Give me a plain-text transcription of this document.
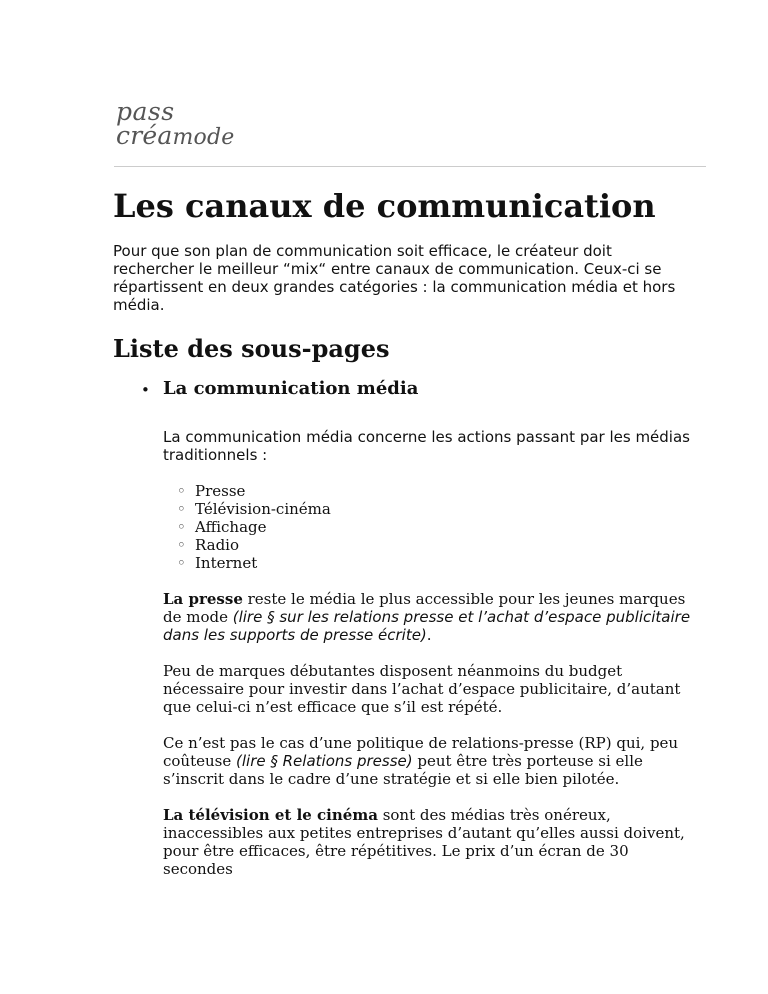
pass
créamode
Les canaux de communication

Pour que son plan de communication soit efficace, le créateur doit rechercher le meilleur “mix“ entre canaux de communication. Ceux-ci se répartissent en deux grandes catégories : la communication média et hors média.

Liste des sous-pages
• La communication média

La communication média concerne les actions passant par les médias traditionnels :

◦ Presse
◦ Télévision-cinéma
◦ Affichage
◦ Radio
◦ Internet

La presse reste le média le plus accessible pour les jeunes marques de mode (lire § sur les relations presse et l’achat d’espace publicitaire dans les supports de presse écrite).

Peu de marques débutantes disposent néanmoins du budget nécessaire pour investir dans l’achat d’espace publicitaire, d’autant que celui-ci n’est efficace que s’il est répété.

Ce n’est pas le cas d’une politique de relations-presse (RP) qui, peu coûteuse (lire § Relations presse) peut être très porteuse si elle s’inscrit dans le cadre d’une stratégie et si elle bien pilotée.

La télévision et le cinéma sont des médias très onéreux, inaccessibles aux petites entreprises d’autant qu’elles aussi doivent, pour être efficaces, être répétitives. Le prix d’un écran de 30 secondes
